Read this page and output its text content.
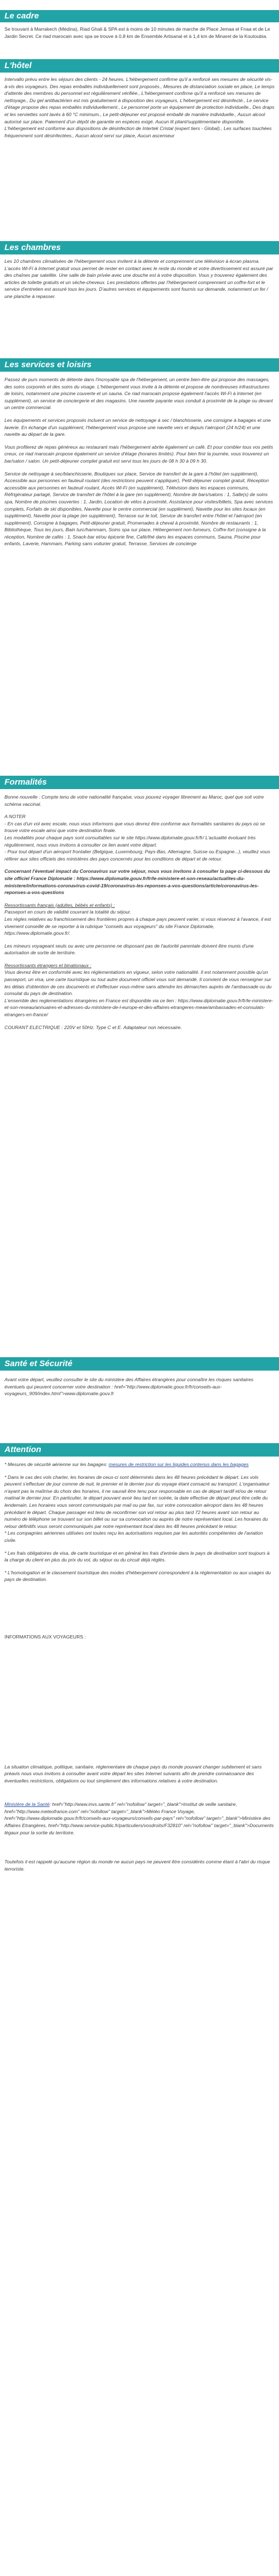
Le cadre

Se trouvant à Marrakech (Médina), Riad Ghali & SPA est à moins de 10 minutes de marche de Place Jemaa el Fnaa et de Le Jardin Secret. Ce riad marocain avec spa se trouve à 0,8 km de Ensemble Artisanal et à 1,4 km de Minaret de la Koutoubia.

L'hôtel

Intervallo prévu entre les séjours des clients - 24 heures. L'hébergement confirme qu'il a renforcé ses mesures de sécurité vis-à-vis des voyageurs. Des repas emballés individuellement sont proposés., Mesures de distanciation sociale en place, Le temps d'attente des membres du personnel est régulièrement vérifiée., L'hébergement confirme qu'il a renforcé ses mesures de nettoyage., Du gel antibactérien est mis gratuitement à disposition des voyageurs, L'hébergement est désinfecté., Le service d'étage propose des repas emballés individuellement., Le personnel porte un équipement de protection individuelle., Des draps et les serviettes sont lavés à 60 °C minimum., Le petit-déjeuner est proposé emballé de manière individuelle., Aucun alcool autorisé sur place. Paiement d'un dépôt de garantie en espèces exigé. Aucun lit pliant/supplémentaire disponible. L'hébergement est conforme aux dispositions de désinfection de Intertek Cristal (expert tiers - Global)., Les surfaces touchées fréquemment sont désinfectées., Aucun alcool servi sur place, Aucun ascenseur

Les chambres

Les 10 chambres climatisées de l'hébergement vous invitent à la détente et comprennent une télévision à écran plasma. L'accès Wi-Fi à Internet gratuit vous permet de rester en contact avec le reste du monde et votre divertissement est assuré par des chaînes par satellite. Une salle de bain privée avec une douche est à votre disposition. Vous y trouverez également des articles de toilette gratuits et un sèche-cheveux. Les prestations offertes par l'hébergement comprennent un coffre-fort et le service d'entretien est assuré tous les jours. D'autres services et équipements sont fournis sur demande, notamment un fer / une planche à repasser.

Les services et loisirs

Passez de purs moments de détente dans l'incroyable spa de l'hébergement, un centre bien-être qui propose des massages, des soins corporels et des soins du visage. L'hébergement vous invite à la détente et propose de nombreuses infrastructures de loisirs, notamment une piscine couverte et un sauna. Ce riad marocain propose également l'accès Wi-Fi à Internet (en supplément), un service de conciergerie et des magasins. Une navette payante vous conduit à proximité de la plage ou devant un centre commercial.

Les équipements et services proposés incluent un service de nettoyage à sec / blanchisserie, une consigne à bagages et une laverie. En échange d'un supplément, l'hébergement vous propose une navette vers et depuis l'aéroport (24 h/24) et une navette au départ de la gare.

Vous profiterez de repas généreux au restaurant mais l'hébergement abrite également un café. Et pour combler tous vos petits creux, ce riad marocain propose également un service d'étage (horaires limités). Pour bien finir la journée, vous trouverez un bar/salon / salon. Un petit-déjeuner complet gratuit est servi tous les jours de 08 h 30 à 09 h 30.

Service de nettoyage à sec/blanchisserie, Boutiques sur place, Service de transfert de la gare à l'hôtel (en supplément), Accessible aux personnes en fauteuil roulant (des restrictions peuvent s'appliquer), Petit-déjeuner complet gratuit, Réception accessible aux personnes en fauteuil roulant, Accès Wi-Fi (en supplément), Télévision dans les espaces communs, Réfrigérateur partagé, Service de transfert de l'hôtel à la gare (en supplément), Nombre de bars/salons : 1, Salle(s) de soins spa, Nombre de piscines couvertes : 1, Jardin, Location de vélos à proximité, Assistance pour visites/billets, Spa avec services complets, Forfaits de ski disponibles, Navette pour le centre commercial (en supplément), Navette pour les sites locaux (en supplément), Navette pour la plage (en supplément), Terrasse sur le toit, Service de transfert entre l'hôtel et l'aéroport (en supplément), Consigne à bagages, Petit-déjeuner gratuit, Promenades à cheval à proximité, Nombre de restaurants : 1, Bibliothèque, Tous les jours, Bain turc/hammam, Soins spa sur place, Hébergement non-fumeurs, Coffre-fort (consigne à la réception, Nombre de cafés : 1, Snack-bar et/ou épicerie fine, Café/thé dans les espaces communs, Sauna, Piscine pour enfants, Laverie, Hammam, Parking sans voiturier gratuit, Terrasse, Services de concierge

Formalités

Bonne nouvelle : Compte tenu de votre nationalité française, vous pouvez voyager librement au Maroc, quel que soit votre schéma vaccinal.

A NOTER
- En cas d'un vol avec escale, nous vous informons que vous devrez être conforme aux formalités sanitaires du pays où se trouve votre escale ainsi que votre destination finale.
Les modalités pour chaque pays sont consultables sur le site https://www.diplomatie.gouv.fr/fr/ L'actualité évoluant très régulièrement, nous vous invitons à consulter ce lien avant votre départ.
- Pour tout départ d'un aéroport frontalier (Belgique, Luxembourg, Pays-Bas, Allemagne, Suisse ou Espagne...), veuillez vous référer aux sites officiels des ministères des pays concernés pour les conditions de départ et de retour.

Concernant l'éventuel impact du Coronavirus sur votre séjour, nous vous invitons à consulter la page ci-dessous du site officiel France Diplomatie : https://www.diplomatie.gouv.fr/fr/le-ministere-et-son-reseau/actualites-du-ministere/informations-coronavirus-covid-19/coronavirus-les-reponses-a-vos-questions/article/coronavirus-les-reponses-a-vos-questions

Ressortissants français (adultes, bébés et enfants) :
Passeport en cours de validité couvrant la totalité du séjour.
Les règles relatives au franchissement des frontières propres à chaque pays peuvent varier, si vous réservez à l'avance, il est vivement conseillé de se reporter à la rubrique "conseils aux voyageurs" du site France Diplomatie, https://www.diplomatie.gouv.fr/.

Les mineurs voyageant seuls ou avec une personne ne disposant pas de l'autorité parentale doivent être munis d'une autorisation de sortie de territoire.

Ressortissants étrangers et binationaux :
Vous devrez être en conformité avec les réglementations en vigueur, selon votre nationalité. Il est notamment possible qu'un passeport, un visa, une carte touristique ou tout autre document officiel vous soit demandé. Il convient de vous renseigner sur les délais d'obtention de ces documents et d'effectuer vous-même sans attendre les démarches auprès de l'ambassade ou du consulat du pays de destination.
L'ensemble des reglementations étrangères en France est disponible via ce lien : https://www.diplomatie.gouv.fr/fr/le-ministere-et-son-reseau/annuaires-et-adresses-du-ministere-de-l-europe-et-des-affaires-etrangeres-meae/ambassades-et-consulats-etrangers-en-france/

COURANT ELECTRIQUE : 220V et 50Hz. Type C et E. Adaptateur non nécessaire.

Santé et Sécurité

Avant votre départ, veuillez consulter le site du ministère des Affaires étrangères pour connaître les risques sanitaires éventuels qui peuvent concerner votre destination : href="http://www.diplomatie.gouv.fr/fr/conseils-aux-voyageurs_909/index.html">www.diplomatie.gouv.fr

Attention

* Mesures de sécurité aérienne sur les bagages: mesures de restriction sur les liquides contenus dans les bagages

* Dans le cas des vols charter, les horaires de ceux-ci sont déterminés dans les 48 heures précédant le départ. Les vols peuvent s'effectuer de jour comme de nuit, le premier et le dernier jour du voyage étant consacré au transport. L'organisateur n'ayant pas la maîtrise du choix des horaires, il ne saurait être tenu pour responsable en cas de départ tardif et/ou de retour matinal le dernier jour. En particulier, le départ pouvant avoir lieu tard en soirée, la date effective de départ peut être celle du lendemain. Les horaires vous seront communiqués par mail ou par fax, sur votre convocation aéroport dans les 48 heures précédant le départ. Chaque passager est tenu de reconfirmer son vol retour au plus tard 72 heures avant son retour au numéro de téléphone se trouvant sur son billet ou sur sa convocation ou auprès de notre représentant local. Les horaires du retour définitifs vous seront communiqués par notre représentant local dans les 48 heures précédant le retour.
* Les compagnies aériennes utilisées ont toutes reçu les autorisations requises par les autorités compétentes de l'aviation civile.

* Les frais obligatoires de visa, de carte touristique et en général les frais d'entrée dans le pays de destination sont toujours à la charge du client en plus du prix du vol, du séjour ou du circuit déjà réglés.

* L'homologation et le classement touristique des modes d'hébergement correspondent à la réglementation ou aux usages du pays de destination.

INFORMATIONS AUX VOYAGEURS :

La situation climatique, politique, sanitaire, réglementaire de chaque pays du monde pouvant changer subitement et sans préavis nous vous invitons à consulter avant votre départ les sites Internet suivants afin de prendre connaissance des éventuelles restrictions, obligations ou tout simplement des informations relatives à votre destination.

Ministère de la Santé: href="http://www.invs.sante.fr" rel="nofollow" target="_blank">Institut de veille sanitaire, href="http://www.meteofrance.com" rel="nofollow" target="_blank">Météo France Voyage, href="http://www.diplomatie.gouv.fr/fr/conseils-aux-voyageurs/conseils-par-pays" rel="nofollow" target="_blank">Ministère des Affaires Etrangères, href="http://www.service-public.fr/particuliers/vosdroits/F32810" rel="nofollow" target="_blank">Documents légaux pour la sortie du territoire.

Toutefois il est rappelé qu'aucune région du monde ne aucun pays ne peuvent être considérés comme étant à l'abri du risque terroriste.
